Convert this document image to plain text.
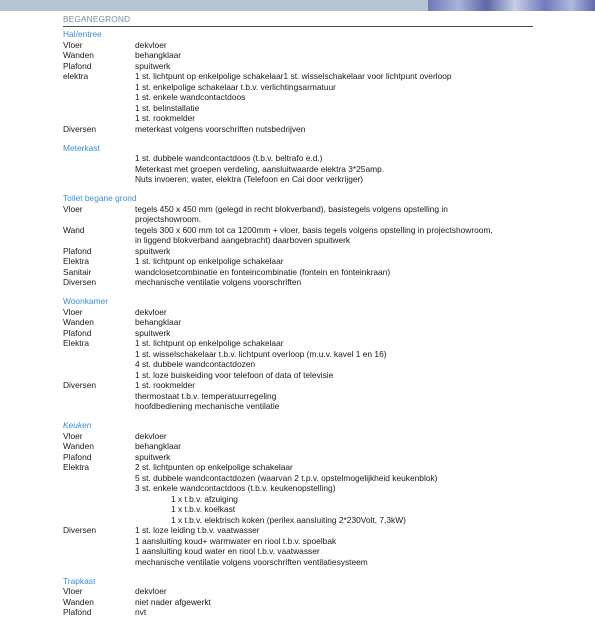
BEGANEGROND
Hal/entree
Vloer	dekvloer
Wanden	behangklaar
Plafond	spuitwerk
elektra	1 st. lichtpunt op enkelpolige schakelaar1 st. wisselschakelaar voor lichtpunt overloop
1 st. enkelpolige schakelaar t.b.v. verlichtingsarmatuur
1 st. enkele wandcontactdoos
1 st. belinstallatie
1 st. rookmelder
Diversen	meterkast volgens voorschriften nutsbedrijven
Meterkast
1 st. dubbele wandcontactdoos (t.b.v. beltrafo e.d.)
Meterkast met groepen verdeling, aansluitwaarde elektra 3*25amp.
Nuts invoeren; water, elektra (Telefoon en Cai door verkrijger)
Toilet begane grond
Vloer	tegels 450 x 450 mm (gelegd in recht blokverband), basistegels volgens opstelling in
projectshowroom.
Wand	tegels 300 x 600 mm tot ca 1200mm + vloer, basis tegels volgens opstelling in projectshowroom,
in liggend blokverband aangebracht) daarboven spuitwerk
Plafond	spuitwerk
Elektra	1 st. lichtpunt op enkelpolige schakelaar
Sanitair	wandclosetcombinatie en fonteincombinatie (fontein en fonteinkraan)
Diversen	mechanische ventilatie volgens voorschriften
Woonkamer
Vloer	dekvloer
Wanden	behangklaar
Plafond	spuitwerk
Elektra	1 st. lichtpunt op enkelpolige schakelaar
1 st. wisselschakelaar t.b.v. lichtpunt overloop (m.u.v. kavel 1 en 16)
4 st. dubbele wandcontactdozen
1 st. loze buiskeiding voor telefoon of data of televisie
Diversen	1 st. rookmelder
thermostaat t.b.v. temperatuurregeling
hoofdbediening mechanische ventilatie
Keuken
Vloer	dekvloer
Wanden	behangklaar
Plafond	spuitwerk
Elektra	2 st. lichtpunten op enkelpolige schakelaar
5 st. dubbele wandcontactdozen (waarvan 2 t.p.v. opstelmogelijkheid keukenblok)
3 st. enkele wandcontactdoos (t.b.v. keukenopstelling)
1 x t.b.v. afzuiging
1 x t.b.v. koelkast
1 x t.b.v. elektrisch koken (perilex aansluiting 2*230Volt, 7,3kW)
Diversen	1 st. loze leiding t.b.v. vaatwasser
1 aansluiting koud+ warmwater en riool t.b.v. spoelbak
1 aansluiting koud water en riool t.b.v. vaatwasser
mechanische ventilatie volgens voorschriften ventilatiesysteem
Trapkast
Vloer	dekvloer
Wanden	niet nader afgewerkt
Plafond	nvt
